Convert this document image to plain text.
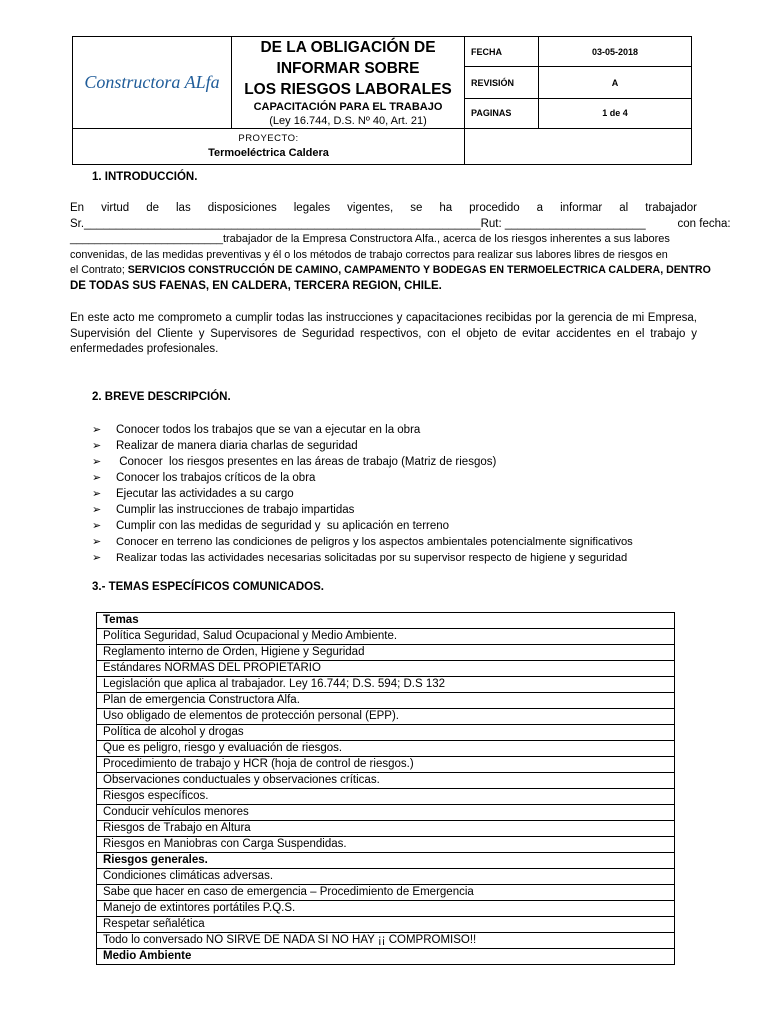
Constructora ALfa	
DE LA OBLIGACIÓN DE INFORMAR SOBRE
LOS RIESGOS LABORALES
CAPACITACIÓN PARA EL TRABAJO
(Ley 16.744, D.S. Nº 40, Art. 21)

FECHA	03-05-2018
REVISIÓN	A
PAGINAS	1 de 4

PROYECTO:
Termoeléctrica Caldera

1. INTRODUCCIÓN.
En virtud de las disposiciones legales vigentes, se ha procedido a informar al trabajador
Sr.______________________________________________________________Rut: ______________________          con fecha:
_________________________trabajador de la Empresa Constructora Alfa., acerca de los riesgos inherentes a sus labores
convenidas, de las medidas preventivas y él o los métodos de trabajo correctos para realizar sus labores libres de riesgos en
el Contrato; SERVICIOS CONSTRUCCIÓN DE CAMINO, CAMPAMENTO Y BODEGAS EN TERMOELECTRICA CALDERA, DENTRO
DE TODAS SUS FAENAS, EN CALDERA, TERCERA REGION, CHILE.
En este acto me comprometo a cumplir todas las instrucciones y capacitaciones recibidas por la gerencia de mi Empresa, Supervisión del Cliente y Supervisores de Seguridad respectivos, con el objeto de evitar accidentes en el trabajo y enfermedades profesionales.
2. BREVE DESCRIPCIÓN.
➢ Conocer todos los trabajos que se van a ejecutar en la obra
➢ Realizar de manera diaria charlas de seguridad
➢ Conocer  los riesgos presentes en las áreas de trabajo (Matriz de riesgos)
➢ Conocer los trabajos críticos de la obra
➢ Ejecutar las actividades a su cargo
➢ Cumplir las instrucciones de trabajo impartidas
➢ Cumplir con las medidas de seguridad y  su aplicación en terreno
➢ Conocer en terreno las condiciones de peligros y los aspectos ambientales potencialmente significativos
➢ Realizar todas las actividades necesarias solicitadas por su supervisor respecto de higiene y seguridad
3.- TEMAS ESPECÍFICOS COMUNICADOS.
Temas
Política Seguridad, Salud Ocupacional y Medio Ambiente.
Reglamento interno de Orden, Higiene y Seguridad
Estándares NORMAS DEL PROPIETARIO
Legislación que aplica al trabajador. Ley 16.744; D.S. 594; D.S 132
Plan de emergencia Constructora Alfa.
Uso obligado de elementos de protección personal (EPP).
Política de alcohol y drogas
Que es peligro, riesgo y evaluación de riesgos.
Procedimiento de trabajo y HCR (hoja de control de riesgos.)
Observaciones conductuales y observaciones críticas.
Riesgos específicos.
Conducir vehículos menores
Riesgos de Trabajo en Altura
Riesgos en Maniobras con Carga Suspendidas.
Riesgos generales.
Condiciones climáticas adversas.
Sabe que hacer en caso de emergencia – Procedimiento de Emergencia
Manejo de extintores portátiles P.Q.S.
Respetar señalética
Todo lo conversado NO SIRVE DE NADA SI NO HAY ¡¡ COMPROMISO!!
Medio Ambiente
